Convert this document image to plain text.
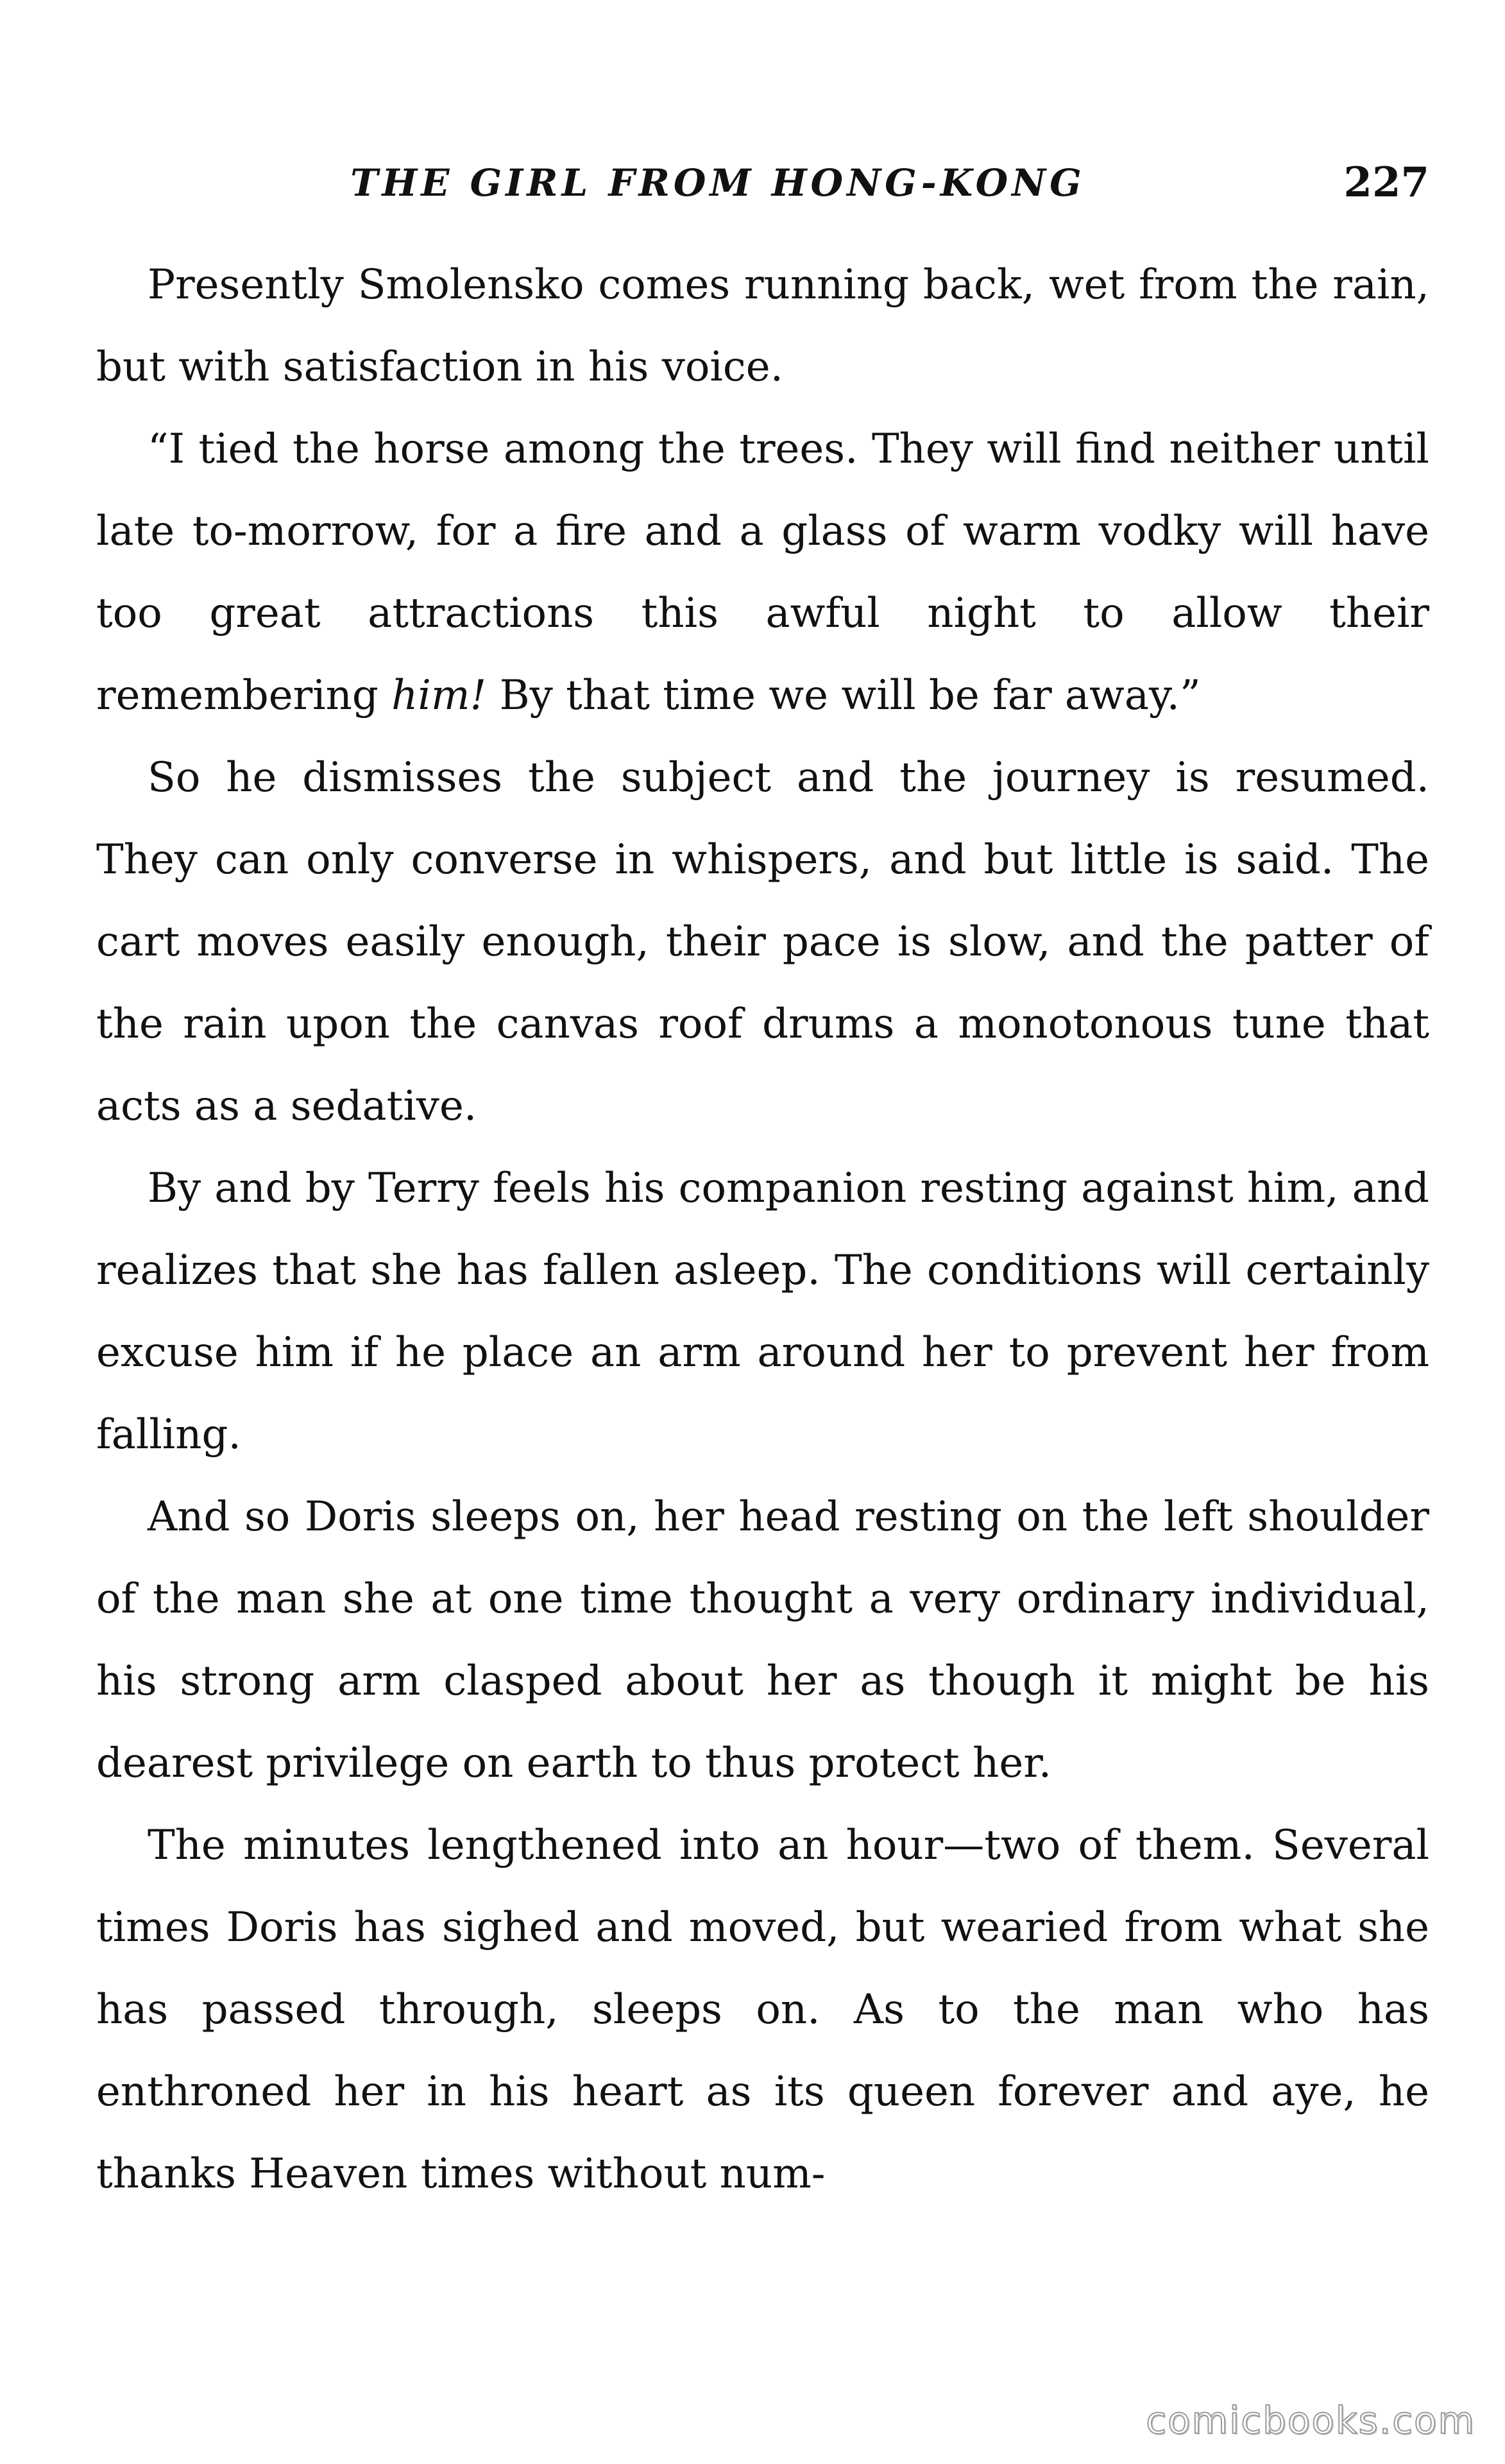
THE GIRL FROM HONG-KONG	227

Presently Smolensko comes running back, wet from the rain, but with satisfaction in his voice.

“I tied the horse among the trees. They will find neither until late to-morrow, for a fire and a glass of warm vodky will have too great attractions this awful night to allow their remembering him! By that time we will be far away.”

So he dismisses the subject and the journey is resumed. They can only converse in whispers, and but little is said. The cart moves easily enough, their pace is slow, and the patter of the rain upon the canvas roof drums a monotonous tune that acts as a sedative.

By and by Terry feels his companion resting against him, and realizes that she has fallen asleep. The conditions will certainly excuse him if he place an arm around her to prevent her from falling.

And so Doris sleeps on, her head resting on the left shoulder of the man she at one time thought a very ordinary individual, his strong arm clasped about her as though it might be his dearest privilege on earth to thus protect her.

The minutes lengthened into an hour—two of them. Several times Doris has sighed and moved, but wearied from what she has passed through, sleeps on. As to the man who has enthroned her in his heart as its queen forever and aye, he thanks Heaven times without num-

comicbooks.com
